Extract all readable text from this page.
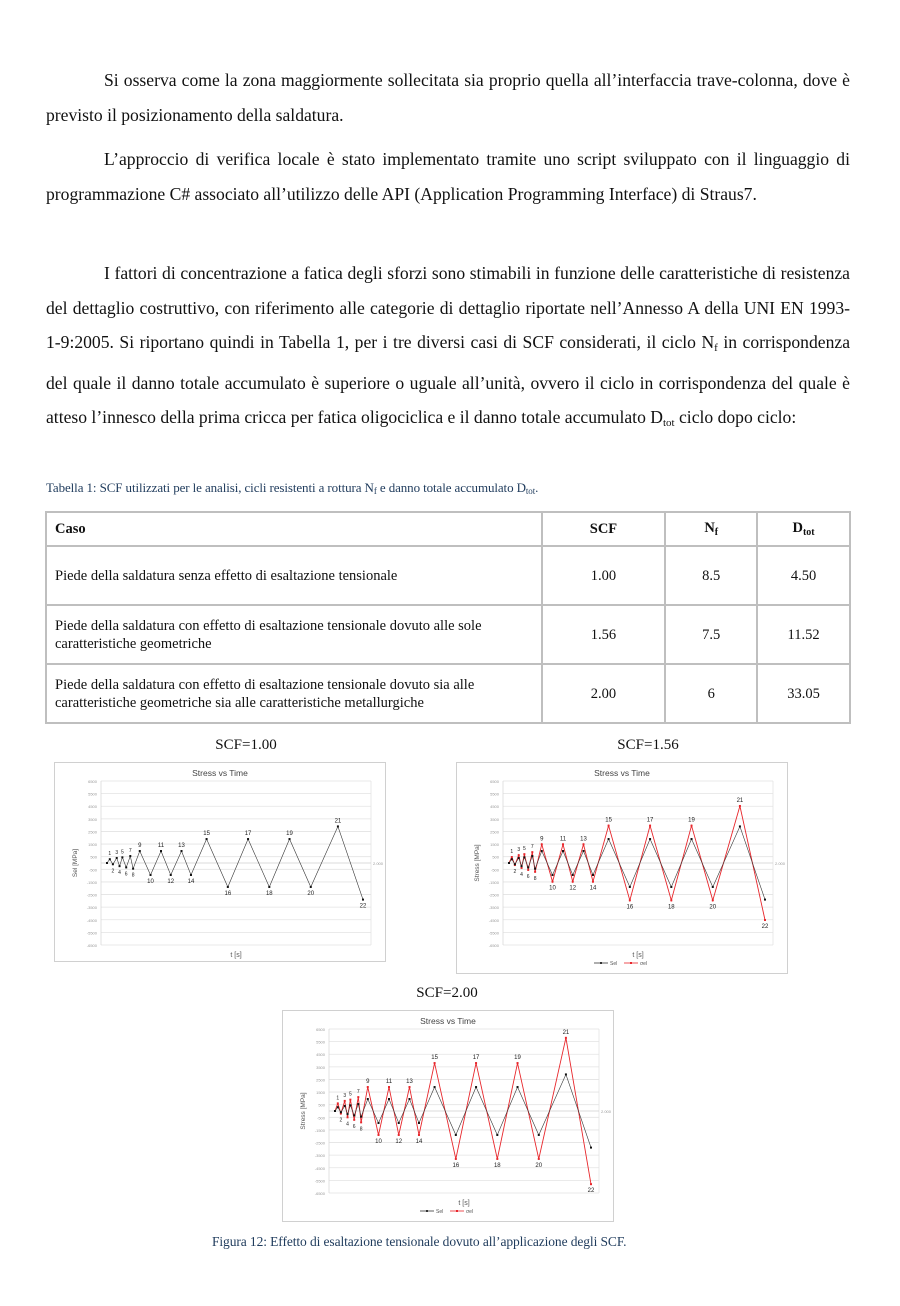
Si osserva come la zona maggiormente sollecitata sia proprio quella all’interfaccia trave-colonna, dove è previsto il posizionamento della saldatura.
L’approccio di verifica locale è stato implementato tramite uno script sviluppato con il linguaggio di programmazione C# associato all’utilizzo delle API (Application Programming Interface) di Straus7.
I fattori di concentrazione a fatica degli sforzi sono stimabili in funzione delle caratteristiche di resistenza del dettaglio costruttivo, con riferimento alle categorie di dettaglio riportate nell’Annesso A della UNI EN 1993-1-9:2005. Si riportano quindi in Tabella 1, per i tre diversi casi di SCF considerati, il ciclo $N_f$ in corrispondenza del quale il danno totale accumulato è superiore o uguale all’unità, ovvero il ciclo in corrispondenza del quale è atteso l’innesco della prima cricca per fatica oligociclica e il danno totale accumulato $D_{tot}$ ciclo dopo ciclo:
Tabella 1: SCF utilizzati per le analisi, cicli resistenti a rottura $N_f$ e danno totale accumulato $D_{tot}$.
Caso	SCF	$N_f$	$D_{tot}$
Piede della saldatura senza effetto di esaltazione tensionale	1.00	8.5	4.50
Piede della saldatura con effetto di esaltazione tensionale dovuto alle sole caratteristiche geometriche	1.56	7.5	11.52
Piede della saldatura con effetto di esaltazione tensionale dovuto sia alle caratteristiche geometriche sia alle caratteristiche metallurgiche	2.00	6	33.05
SCF=1.00	SCF=1.56
SCF=2.00
Stress vs Time
6500
5500
4500
3500
2500
1500
500
-500
-1500
-2500
-3500
-4500
-5500
-6500
2.000
t [s]
Sel [MPa]	1
2
3
4
5
6
7
8
9
10
11
12
13
14
15
16
17
18
19
20
21
22
Stress vs Time
6500
5500
4500
3500
2500
1500
500
-500
-1500
-2500
-3500
-4500
-5500
-6500
2.000
t [s]
Stress [MPa]	1
2
3
4
5
6
7
8
9
10
11
12
13
14
15
16
17
18
19
20
21
22
Sel	σel
Stress vs Time
6500
5500
4500
3500
2500
1500
500
-500
-1500
-2500
-3500
-4500
-5500
-6500
2.000
t [s]
Stress [MPa]	1
2
3
4
5
6
7
8
9
10
11
12
13
14
15
16
17
18
19
20
21
22
Sel	σel
Figura 12: Effetto di esaltazione tensionale dovuto all’applicazione degli SCF.
